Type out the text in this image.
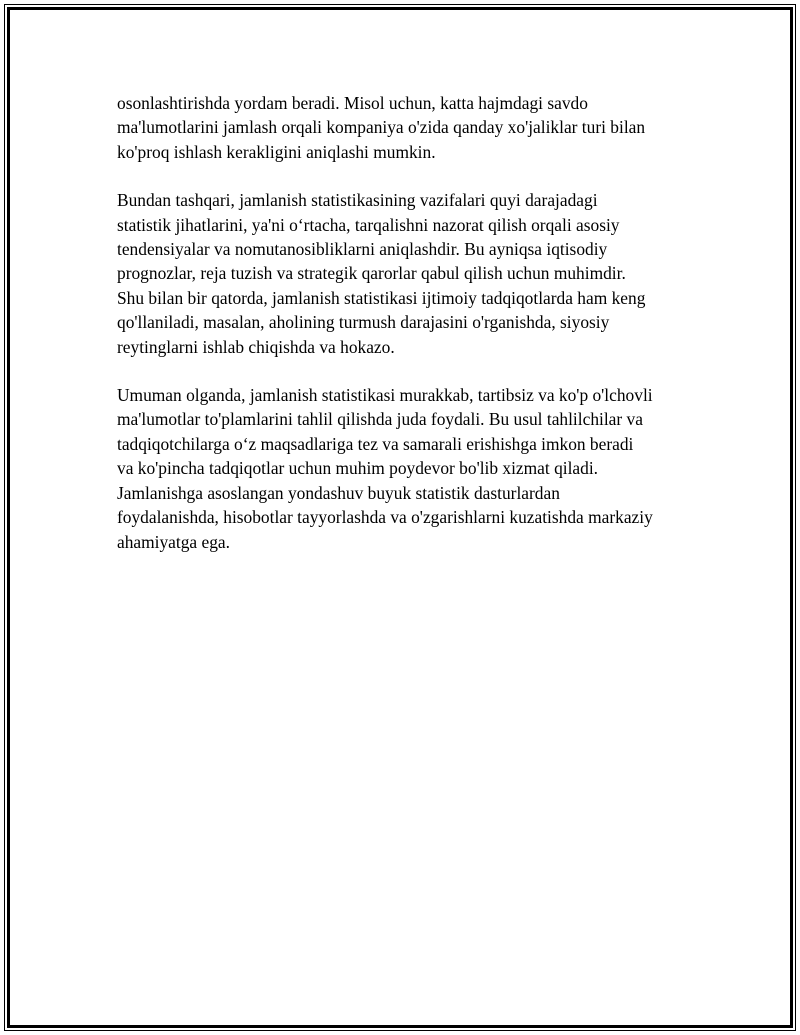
osonlashtirishda yordam beradi. Misol uchun, katta hajmdagi savdo
ma'lumotlarini jamlash orqali kompaniya o'zida qanday xo'jaliklar turi bilan
ko'proq ishlash kerakligini aniqlashi mumkin.

Bundan tashqari, jamlanish statistikasining vazifalari quyi darajadagi
statistik jihatlarini, ya'ni o‘rtacha, tarqalishni nazorat qilish orqali asosiy
tendensiyalar va nomutanosibliklarni aniqlashdir. Bu ayniqsa iqtisodiy
prognozlar, reja tuzish va strategik qarorlar qabul qilish uchun muhimdir.
Shu bilan bir qatorda, jamlanish statistikasi ijtimoiy tadqiqotlarda ham keng
qo'llaniladi, masalan, aholining turmush darajasini o'rganishda, siyosiy
reytinglarni ishlab chiqishda va hokazo.

Umuman olganda, jamlanish statistikasi murakkab, tartibsiz va ko'p o'lchovli
ma'lumotlar to'plamlarini tahlil qilishda juda foydali. Bu usul tahlilchilar va
tadqiqotchilarga o‘z maqsadlariga tez va samarali erishishga imkon beradi
va ko'pincha tadqiqotlar uchun muhim poydevor bo'lib xizmat qiladi.
Jamlanishga asoslangan yondashuv buyuk statistik dasturlardan
foydalanishda, hisobotlar tayyorlashda va o'zgarishlarni kuzatishda markaziy
ahamiyatga ega.
